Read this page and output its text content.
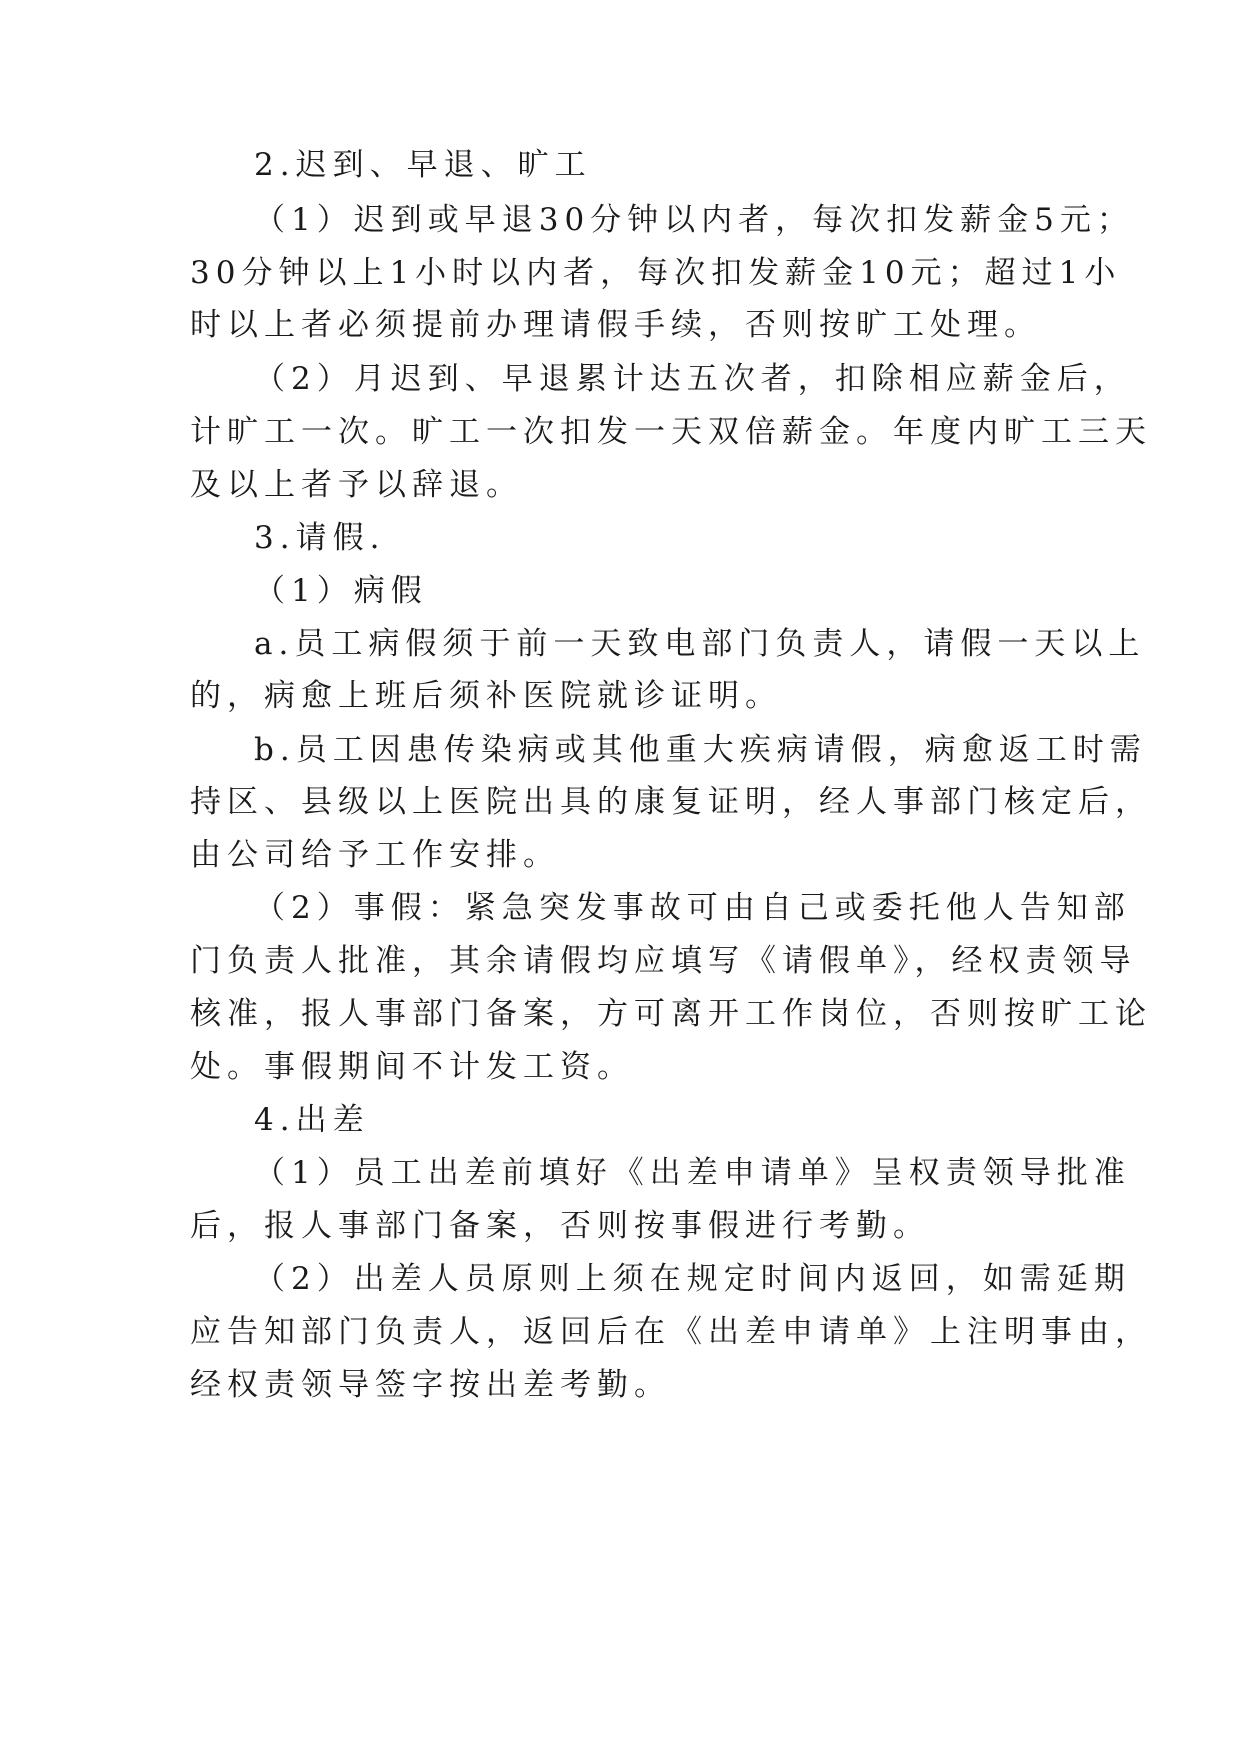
2.迟到、早退、旷工
（1）迟到或早退30分钟以内者，每次扣发薪金5元；
30分钟以上1小时以内者，每次扣发薪金10元；超过1小
时以上者必须提前办理请假手续，否则按旷工处理。
（2）月迟到、早退累计达五次者，扣除相应薪金后，
计旷工一次。旷工一次扣发一天双倍薪金。年度内旷工三天
及以上者予以辞退。
3.请假.
（1）病假
a.员工病假须于前一天致电部门负责人，请假一天以上
的，病愈上班后须补医院就诊证明。
b.员工因患传染病或其他重大疾病请假，病愈返工时需
持区、县级以上医院出具的康复证明，经人事部门核定后，
由公司给予工作安排。
（2）事假：紧急突发事故可由自己或委托他人告知部
门负责人批准，其余请假均应填写《请假单》，经权责领导
核准，报人事部门备案，方可离开工作岗位，否则按旷工论
处。事假期间不计发工资。
4.出差
（1）员工出差前填好《出差申请单》呈权责领导批准
后，报人事部门备案，否则按事假进行考勤。
（2）出差人员原则上须在规定时间内返回，如需延期
应告知部门负责人，返回后在《出差申请单》上注明事由，
经权责领导签字按出差考勤。
